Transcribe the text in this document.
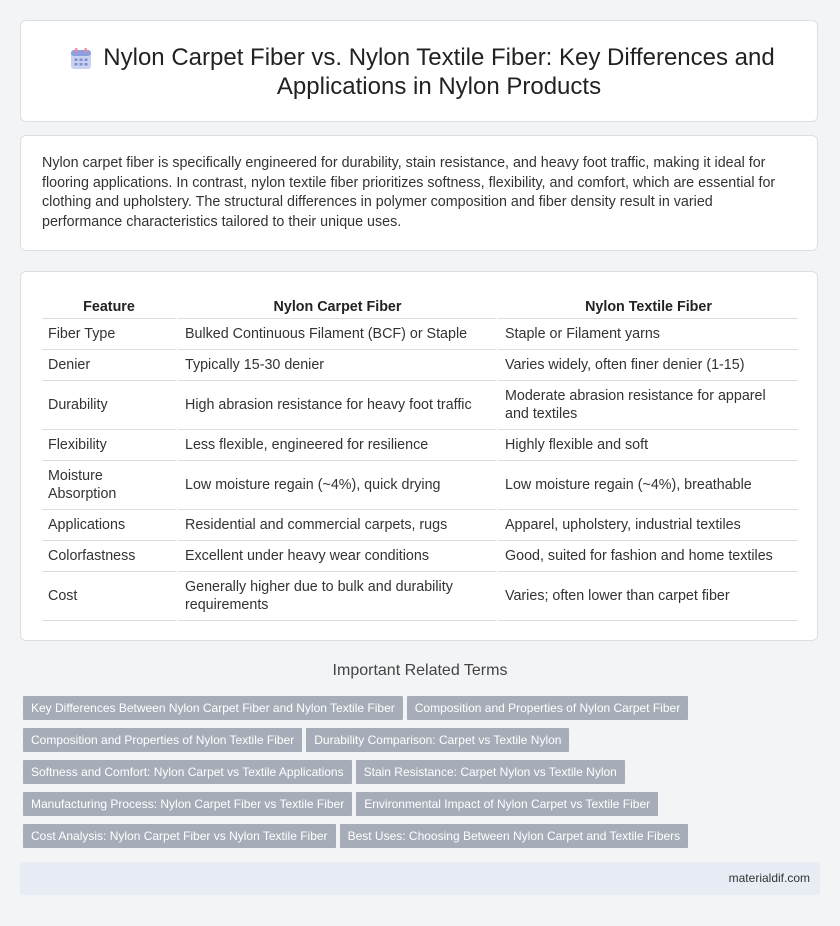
Nylon Carpet Fiber vs. Nylon Textile Fiber: Key Differences and Applications in Nylon Products

Nylon carpet fiber is specifically engineered for durability, stain resistance, and heavy foot traffic, making it ideal for flooring applications. In contrast, nylon textile fiber prioritizes softness, flexibility, and comfort, which are essential for clothing and upholstery. The structural differences in polymer composition and fiber density result in varied performance characteristics tailored to their unique uses.

Feature	Nylon Carpet Fiber	Nylon Textile Fiber
Fiber Type	Bulked Continuous Filament (BCF) or Staple	Staple or Filament yarns
Denier	Typically 15-30 denier	Varies widely, often finer denier (1-15)
Durability	High abrasion resistance for heavy foot traffic	Moderate abrasion resistance for apparel and textiles
Flexibility	Less flexible, engineered for resilience	Highly flexible and soft
Moisture Absorption	Low moisture regain (~4%), quick drying	Low moisture regain (~4%), breathable
Applications	Residential and commercial carpets, rugs	Apparel, upholstery, industrial textiles
Colorfastness	Excellent under heavy wear conditions	Good, suited for fashion and home textiles
Cost	Generally higher due to bulk and durability requirements	Varies; often lower than carpet fiber
Important Related Terms
Key Differences Between Nylon Carpet Fiber and Nylon Textile Fiber Composition and Properties of Nylon Carpet FiberComposition and Properties of Nylon Textile Fiber Durability Comparison: Carpet vs Textile NylonSoftness and Comfort: Nylon Carpet vs Textile Applications Stain Resistance: Carpet Nylon vs Textile NylonManufacturing Process: Nylon Carpet Fiber vs Textile Fiber Environmental Impact of Nylon Carpet vs Textile FiberCost Analysis: Nylon Carpet Fiber vs Nylon Textile Fiber Best Uses: Choosing Between Nylon Carpet and Textile Fibers
materialdif.com
